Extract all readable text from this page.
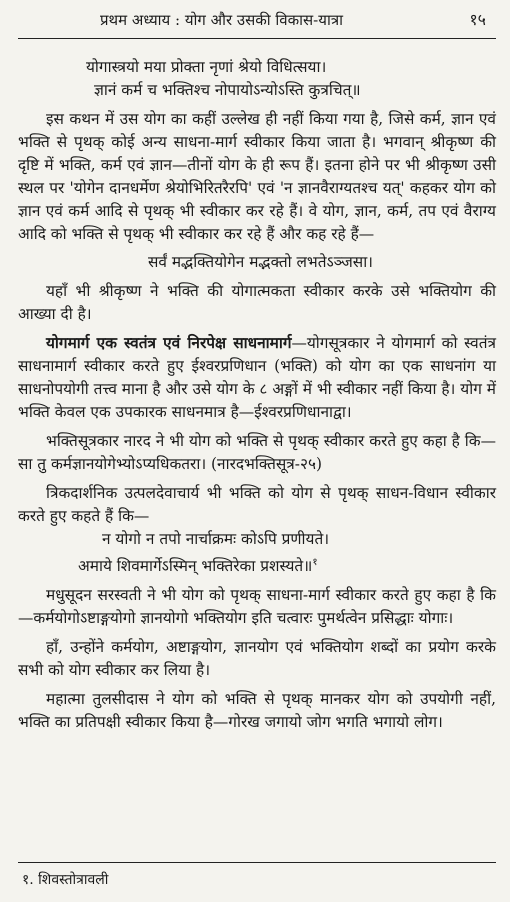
प्रथम अध्याय : योग और उसकी विकास-यात्रा	१५
योगास्त्रयो मया प्रोक्ता नृणां श्रेयो विधित्सया।
ज्ञानं कर्म च भक्तिश्च नोपायोऽन्योऽस्ति कुत्रचित्॥

इस कथन में उस योग का कहीं उल्लेख ही नहीं किया गया है, जिसे कर्म, ज्ञान एवं भक्ति से पृथक् कोई अन्य साधना-मार्ग स्वीकार किया जाता है। भगवान् श्रीकृष्ण की दृष्टि में भक्ति, कर्म एवं ज्ञान—तीनों योग के ही रूप हैं। इतना होने पर भी श्रीकृष्ण उसी स्थल पर 'योगेन दानधर्मेण श्रेयोभिरितरैरपि' एवं 'न ज्ञानवैराग्यतश्च यत्' कहकर योग को ज्ञान एवं कर्म आदि से पृथक् भी स्वीकार कर रहे हैं। वे योग, ज्ञान, कर्म, तप एवं वैराग्य आदि को भक्ति से पृथक् भी स्वीकार कर रहे हैं और कह रहे हैं—

सर्वं मद्भक्तियोगेन मद्भक्तो लभतेऽञ्जसा।

यहाँ भी श्रीकृष्ण ने भक्ति की योगात्मकता स्वीकार करके उसे भक्तियोग की आख्या दी है।

योगमार्ग एक स्वतंत्र एवं निरपेक्ष साधनामार्ग—योगसूत्रकार ने योगमार्ग को स्वतंत्र साधनामार्ग स्वीकार करते हुए ईश्वरप्रणिधान (भक्ति) को योग का एक साधनांग या साधनोपयोगी तत्त्व माना है और उसे योग के ८ अङ्गों में भी स्वीकार नहीं किया है। योग में भक्ति केवल एक उपकारक साधनमात्र है—ईश्वरप्रणिधानाद्वा।

भक्तिसूत्रकार नारद ने भी योग को भक्ति से पृथक् स्वीकार करते हुए कहा है कि—सा तु कर्मज्ञानयोगेभ्योऽप्यधिकतरा। (नारदभक्तिसूत्र-२५)

त्रिकदार्शनिक उत्पलदेवाचार्य भी भक्ति को योग से पृथक् साधन-विधान स्वीकार करते हुए कहते हैं कि—

न योगो न तपो नार्चाक्रमः कोऽपि प्रणीयते।
अमाये शिवमार्गेऽस्मिन् भक्तिरेका प्रशस्यते॥$^१$

मधुसूदन सरस्वती ने भी योग को पृथक् साधना-मार्ग स्वीकार करते हुए कहा है कि—कर्मयोगोऽष्टाङ्गयोगो ज्ञानयोगो भक्तियोग इति चत्वारः पुमर्थत्वेन प्रसिद्धाः योगाः।

हाँ, उन्होंने कर्मयोग, अष्टाङ्गयोग, ज्ञानयोग एवं भक्तियोग शब्दों का प्रयोग करके सभी को योग स्वीकार कर लिया है।

महात्मा तुलसीदास ने योग को भक्ति से पृथक् मानकर योग को उपयोगी नहीं, भक्ति का प्रतिपक्षी स्वीकार किया है—गोरख जगायो जोग भगति भगायो लोग।

१. शिवस्तोत्रावली
